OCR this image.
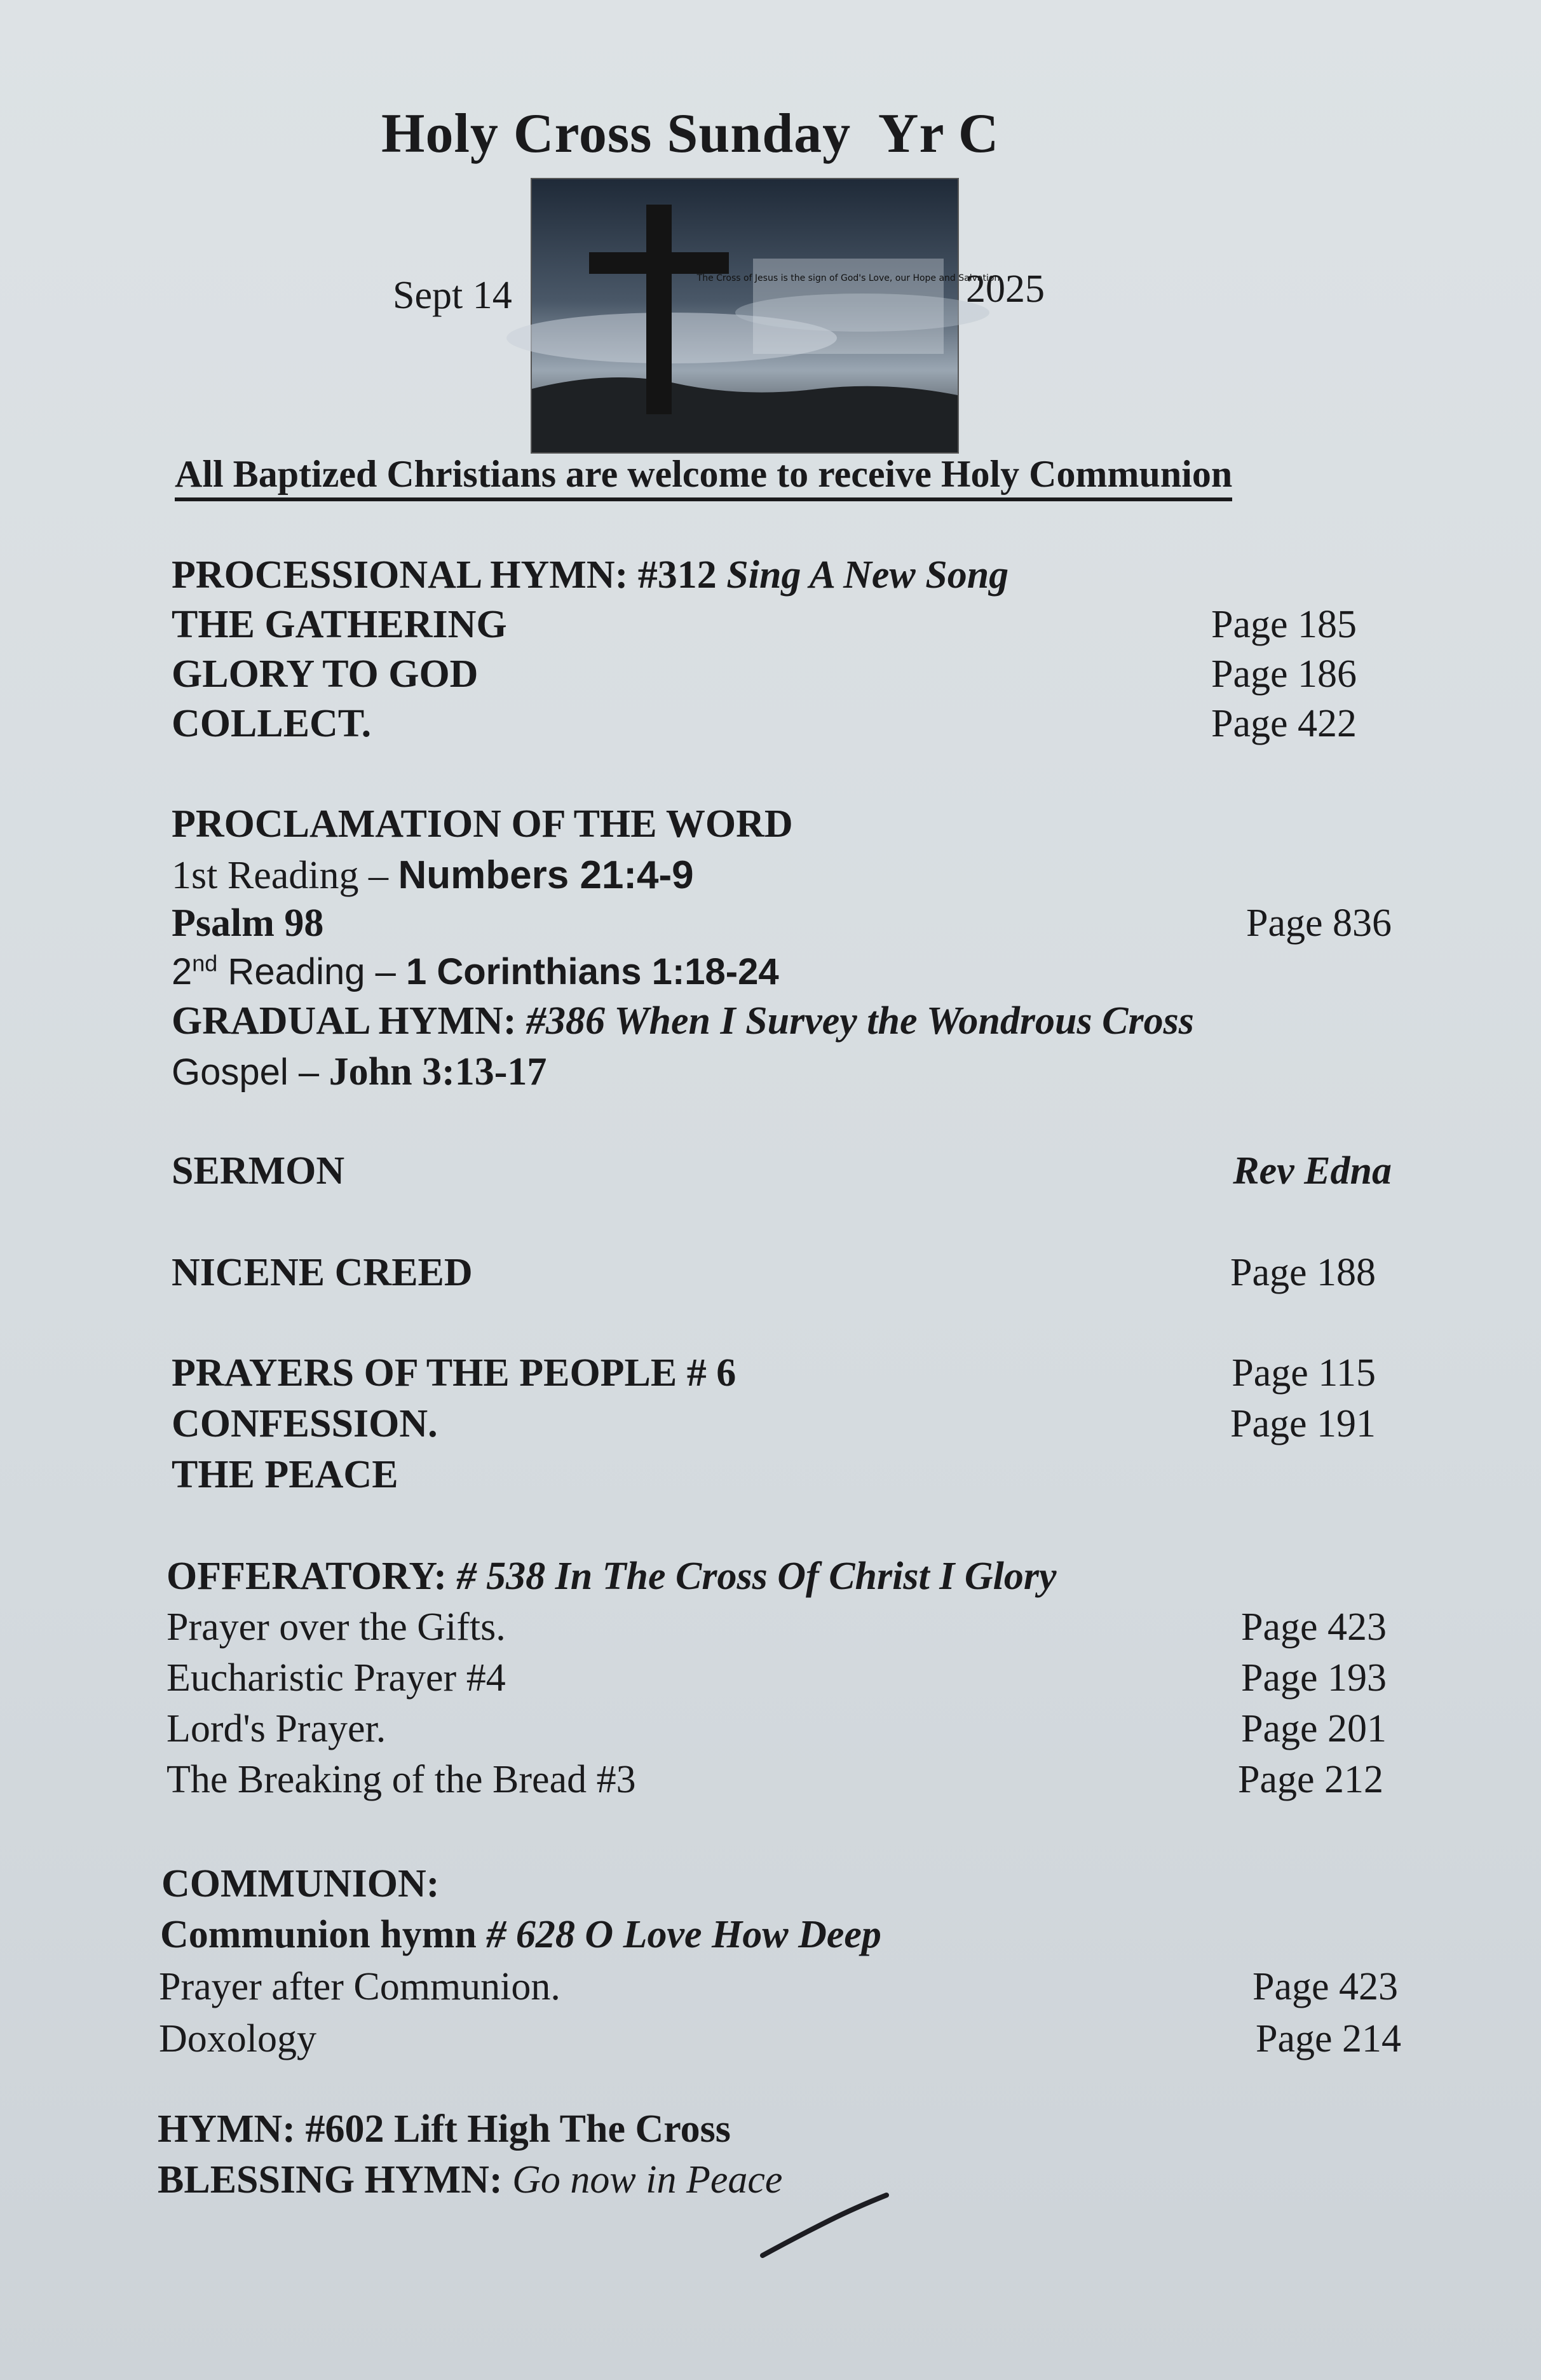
Holy Cross Sunday  Yr C
Sept 14	The Cross of Jesus is the sign of God's Love, our Hope and Salvation
2025
All Baptized Christians are welcome to receive Holy Communion
PROCESSIONAL HYMN: #312 Sing A New Song
THE GATHERING	Page 185
GLORY TO GOD	Page 186
COLLECT.	Page 422
PROCLAMATION OF THE WORD
1st Reading – Numbers 21:4-9
Psalm 98	Page 836
2nd Reading – 1 Corinthians 1:18-24
GRADUAL HYMN: #386 When I Survey the Wondrous Cross
Gospel – John 3:13-17
SERMON	Rev Edna
NICENE CREED	Page 188
PRAYERS OF THE PEOPLE # 6	Page 115
CONFESSION.	Page 191
THE PEACE
OFFERATORY: # 538 In The Cross Of Christ I Glory
Prayer over the Gifts.	Page 423
Eucharistic Prayer #4	Page 193
Lord's Prayer.	Page 201
The Breaking of the Bread #3	Page 212
COMMUNION:
Communion hymn # 628 O Love How Deep
Prayer after Communion.	Page 423
Doxology	Page 214
HYMN: #602 Lift High The Cross
BLESSING HYMN: Go now in Peace
